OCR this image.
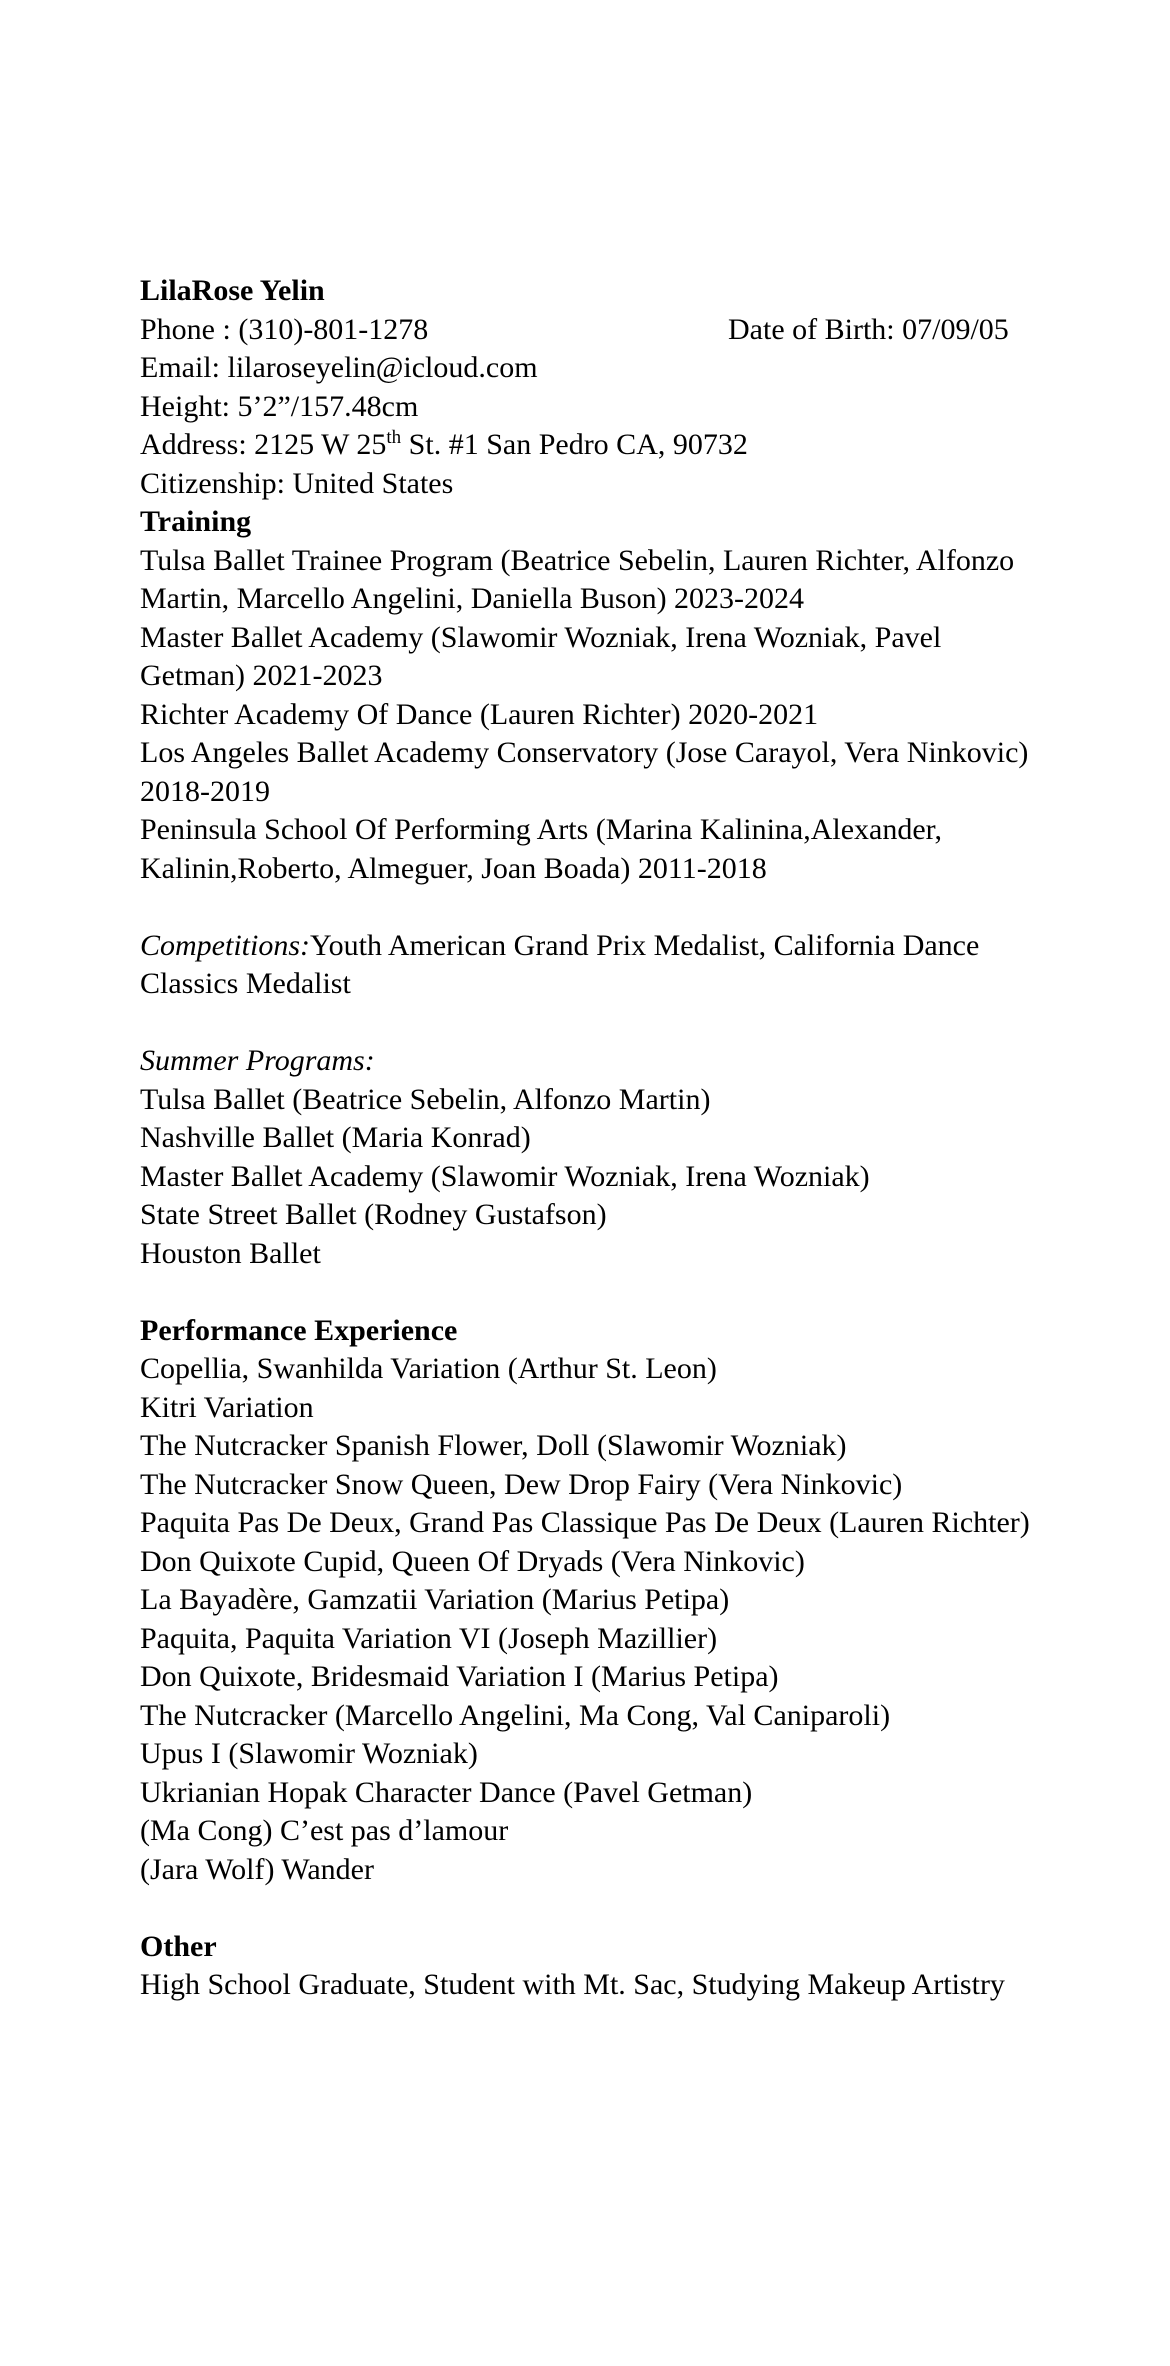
LilaRose Yelin

Phone : (310)-801-1278	Date of Birth: 07/09/05

Email: lilaroseyelin@icloud.com

Height: 5’2”/157.48cm

Address: 2125 W 25th St. #1 San Pedro CA, 90732

Citizenship: United States

Training

Tulsa Ballet Trainee Program (Beatrice Sebelin, Lauren Richter, Alfonzo Martin, Marcello Angelini, Daniella Buson) 2023-2024

Master Ballet Academy (Slawomir Wozniak, Irena Wozniak, Pavel Getman) 2021-2023

Richter Academy Of Dance (Lauren Richter) 2020-2021

Los Angeles Ballet Academy Conservatory (Jose Carayol, Vera Ninkovic) 2018-2019

Peninsula School Of Performing Arts (Marina Kalinina,Alexander, Kalinin,Roberto, Almeguer, Joan Boada) 2011-2018

Competitions:Youth American Grand Prix Medalist, California Dance Classics Medalist

Summer Programs:

Tulsa Ballet (Beatrice Sebelin, Alfonzo Martin)

Nashville Ballet (Maria Konrad)

Master Ballet Academy (Slawomir Wozniak, Irena Wozniak)

State Street Ballet (Rodney Gustafson)

Houston Ballet

Performance Experience

Copellia, Swanhilda Variation (Arthur St. Leon)

Kitri Variation

The Nutcracker Spanish Flower, Doll (Slawomir Wozniak)

The Nutcracker Snow Queen, Dew Drop Fairy (Vera Ninkovic)

Paquita Pas De Deux, Grand Pas Classique Pas De Deux (Lauren Richter)

Don Quixote Cupid, Queen Of Dryads (Vera Ninkovic)

La Bayadère, Gamzatii Variation (Marius Petipa)

Paquita, Paquita Variation VI (Joseph Mazillier)

Don Quixote, Bridesmaid Variation I (Marius Petipa)

The Nutcracker (Marcello Angelini, Ma Cong, Val Caniparoli)

Upus I (Slawomir Wozniak)

Ukrianian Hopak Character Dance (Pavel Getman)

(Ma Cong) C’est pas d’lamour

(Jara Wolf) Wander

Other

High School Graduate, Student with Mt. Sac, Studying Makeup Artistry
